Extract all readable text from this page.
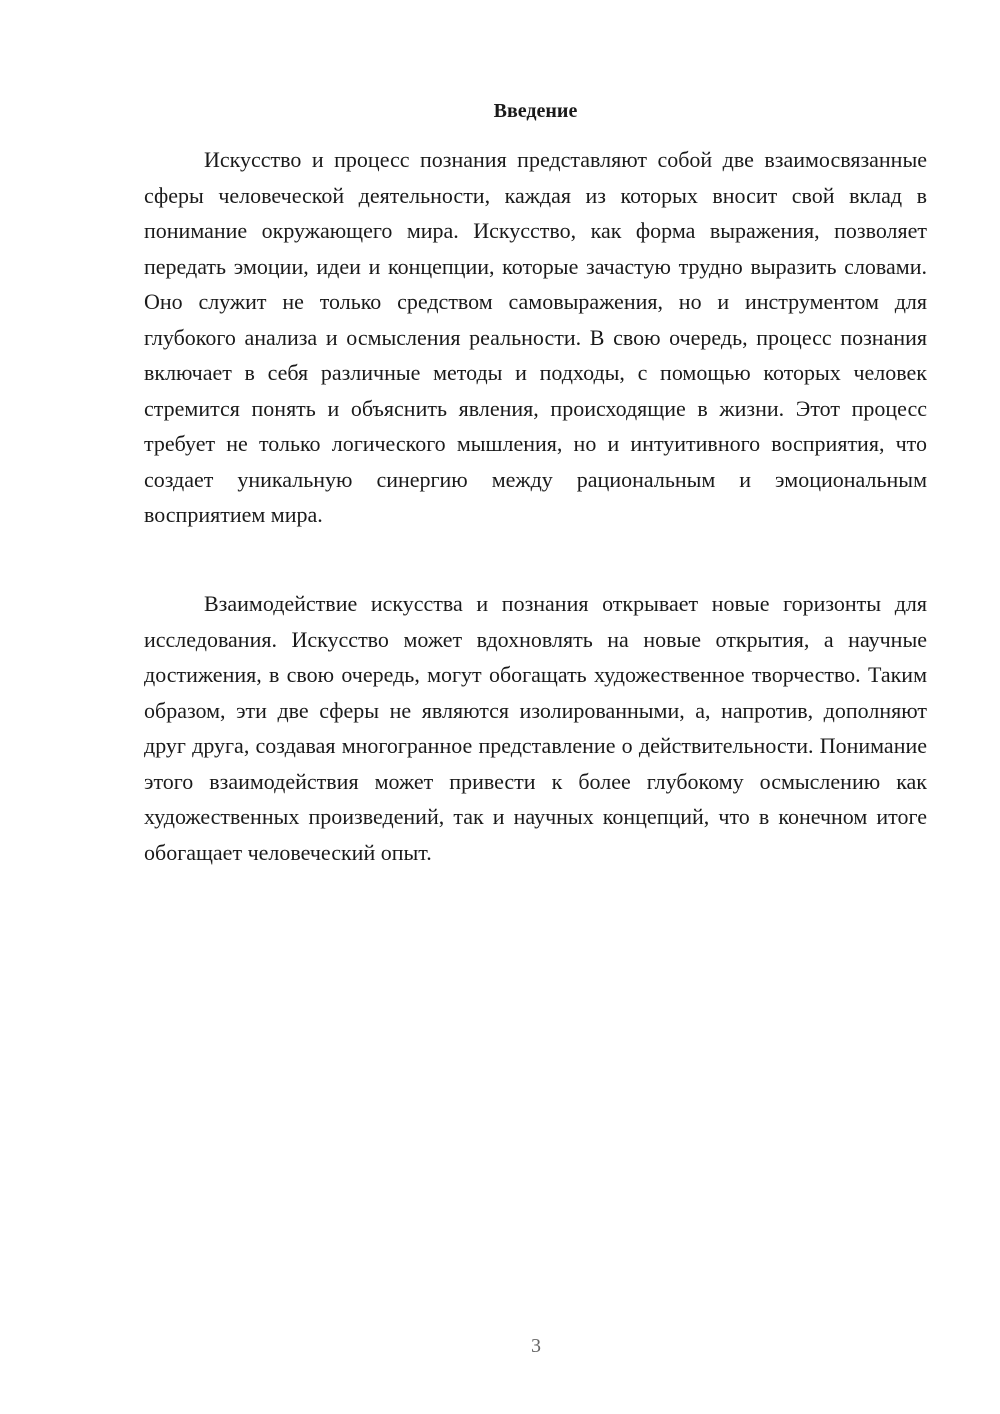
Введение

Искусство и процесс познания представляют собой две взаимосвязанные сферы человеческой деятельности, каждая из которых вносит свой вклад в понимание окружающего мира. Искусство, как форма выражения, позволяет передать эмоции, идеи и концепции, которые зачастую трудно выразить словами. Оно служит не только средством самовыражения, но и инструментом для глубокого анализа и осмысления реальности. В свою очередь, процесс познания включает в себя различные методы и подходы, с помощью которых человек стремится понять и объяснить явления, происходящие в жизни. Этот процесс требует не только логического мышления, но и интуитивного восприятия, что создает уникальную синергию между рациональным и эмоциональным восприятием мира.

Взаимодействие искусства и познания открывает новые горизонты для исследования. Искусство может вдохновлять на новые открытия, а научные достижения, в свою очередь, могут обогащать художественное творчество. Таким образом, эти две сферы не являются изолированными, а, напротив, дополняют друг друга, создавая многогранное представление о действительности. Понимание этого взаимодействия может привести к более глубокому осмыслению как художественных произведений, так и научных концепций, что в конечном итоге обогащает человеческий опыт.

3
